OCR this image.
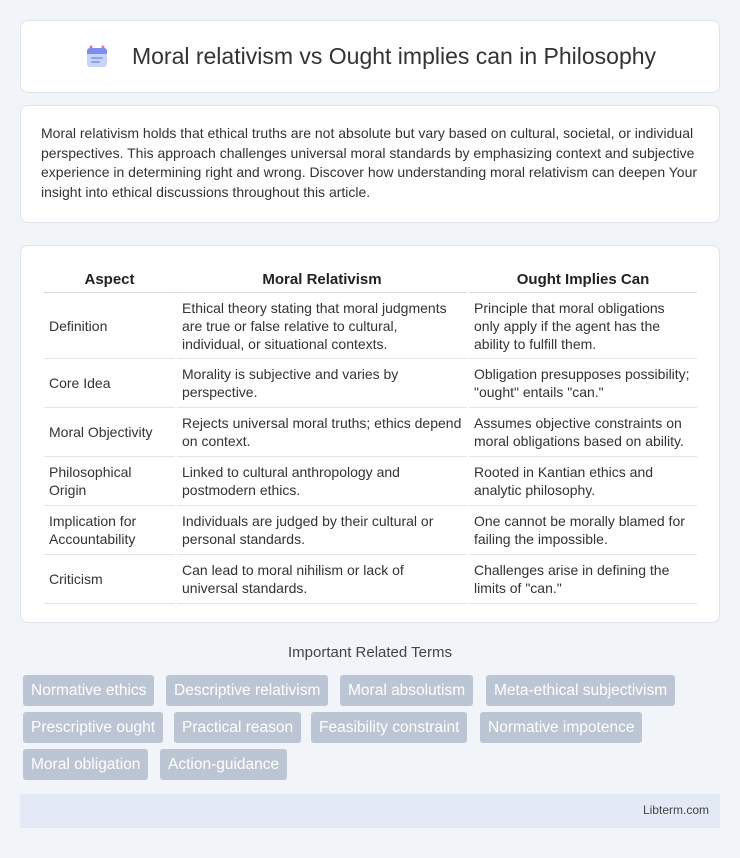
Moral relativism vs Ought implies can in Philosophy

Moral relativism holds that ethical truths are not absolute but vary based on cultural, societal, or individual perspectives. This approach challenges universal moral standards by emphasizing context and subjective experience in determining right and wrong. Discover how understanding moral relativism can deepen Your insight into ethical discussions throughout this article.

Aspect	Moral Relativism	Ought Implies Can
Definition	Ethical theory stating that moral judgments are true or false relative to cultural, individual, or situational contexts.	Principle that moral obligations only apply if the agent has the ability to fulfill them.
Core Idea	Morality is subjective and varies by perspective.	Obligation presupposes possibility; "ought" entails "can."
Moral Objectivity	Rejects universal moral truths; ethics depend on context.	Assumes objective constraints on moral obligations based on ability.
Philosophical Origin	Linked to cultural anthropology and postmodern ethics.	Rooted in Kantian ethics and analytic philosophy.
Implication for Accountability	Individuals are judged by their cultural or personal standards.	One cannot be morally blamed for failing the impossible.
Criticism	Can lead to moral nihilism or lack of universal standards.	Challenges arise in defining the limits of "can."
Important Related Terms
Normative ethics	Descriptive relativism	Moral absolutism	Meta-ethical subjectivism
Prescriptive ought	Practical reason	Feasibility constraint	Normative impotence
Moral obligation	Action-guidance
Libterm.com
